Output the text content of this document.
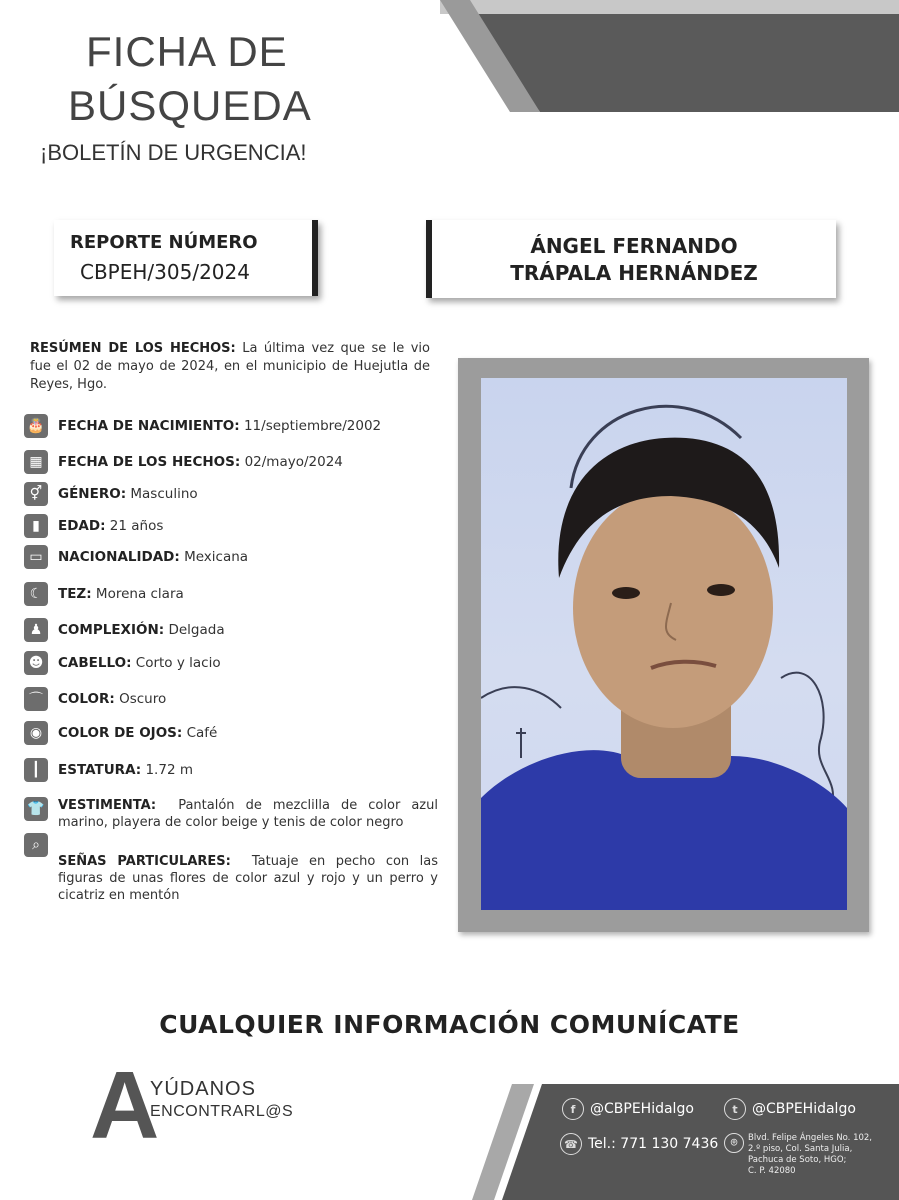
FICHA DE
BÚSQUEDA
¡BOLETÍN DE URGENCIA!
REPORTE NÚMERO
CBPEH/305/2024
ÁNGEL FERNANDO
TRÁPALA HERNÁNDEZ
RESÚMEN DE LOS HECHOS: La última vez que se le vio fue el 02 de mayo de 2024, en el municipio de Huejutla de Reyes, Hgo.
🎂 FECHA DE NACIMIENTO:
11/septiembre/2002
▦	FECHA DE LOS HECHOS:
02/mayo/2024
⚥	GÉNERO:
Masculino
▮	EDAD:
21 años
▭	NACIONALIDAD:
Mexicana
☾	TEZ:
Morena clara
♟	COMPLEXIÓN:
Delgada
☻	CABELLO:
Corto y lacio
⌒	COLOR:
Oscuro
◉	COLOR DE OJOS:
Café
┃	ESTATURA:
1.72 m
👕 VESTIMENTA: Pantalón de mezclilla de color azul marino, playera de color beige y tenis de color negro
⌕
SEÑAS PARTICULARES: Tatuaje en pecho con las figuras de unas flores de color azul y rojo y un perro y cicatriz en mentón
CUALQUIER INFORMACIÓN COMUNÍCATE
A
YÚDANOS
ENCONTRARL@S	f	@CBPEHidalgo	t	@CBPEHidalgo
☎ Tel.: 771 130 7436	⌾	Blvd. Felipe Ángeles No. 102,
2.º piso, Col. Santa Julia,
Pachuca de Soto, HGO;
C. P. 42080
